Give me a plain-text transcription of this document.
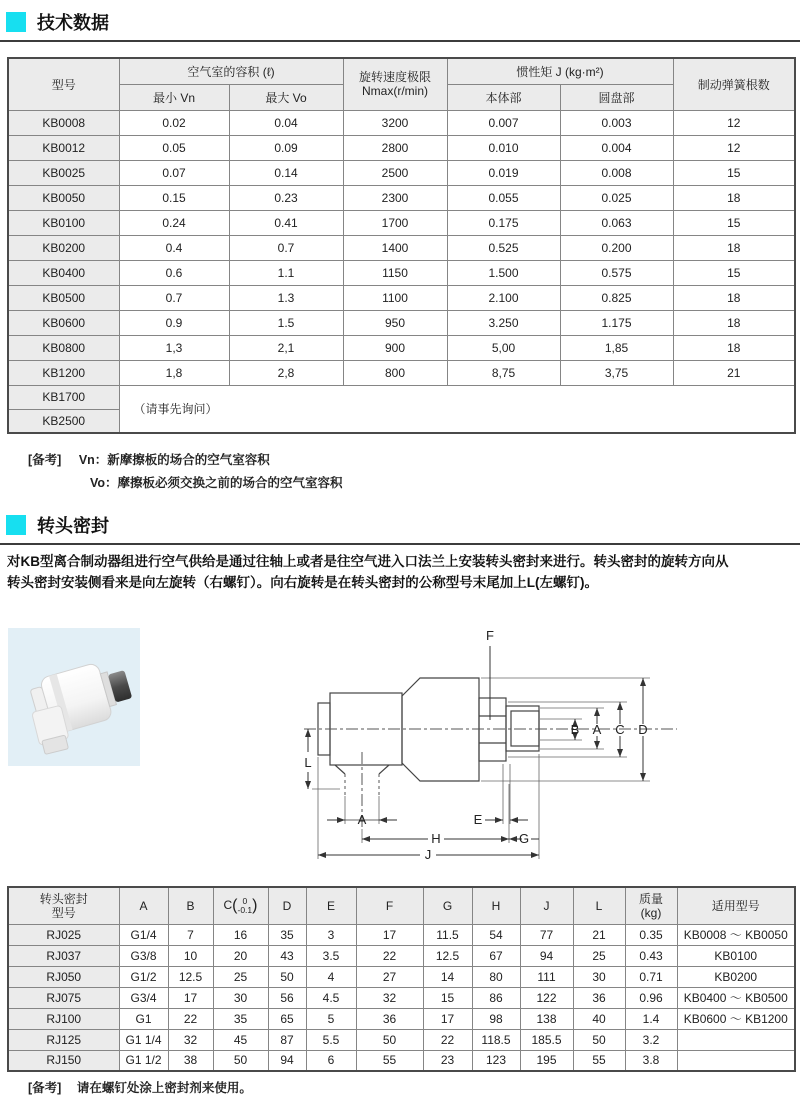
技术数据
型号	空气室的容积 (ℓ)		旋转速度极限
Nmax(r/min)	惯性矩 J (kg·m²)		制动弹簧根数
	最小 Vn	最大 Vo		本体部	圆盘部	
KB0008	0.02	0.04	3200	0.007	0.003	12
KB0012	0.05	0.09	2800	0.010	0.004	12
KB0025	0.07	0.14	2500	0.019	0.008	15
KB0050	0.15	0.23	2300	0.055	0.025	18
KB0100	0.24	0.41	1700	0.175	0.063	15
KB0200	0.4	0.7	1400	0.525	0.200	18
KB0400	0.6	1.1	1150	1.500	0.575	15
KB0500	0.7	1.3	1100	2.100	0.825	18
KB0600	0.9	1.5	950	3.250	1.175	18
KB0800	1,3	2,1	900	5,00	1,85	18
KB1200	1,8	2,8	800	8,75	3,75	21
KB1700	（请事先询问）					
KB2500						
[备考] Vn：新摩擦板的场合的空气室容积
Vo：摩擦板必须交换之前的场合的空气室容积
转头密封
对KB型离合制动器组进行空气供给是通过往轴上或者是往空气进入口法兰上安装转头密封来进行。转头密封的旋转方向从
转头密封安装侧看来是向左旋转（右螺钉）。向右旋转是在转头密封的公称型号末尾加上L(左螺钉)。
F
B A C D
L
A	E
G
H
J
转头密封
型号	A	B	C( 0
-0.1 )	D	E	F	G	H	J	L	质量
(kg)	适用型号
RJ025	G1/4	7	16	35	3	17	11.5	54	77	21	0.35	KB0008 ～ KB0050
RJ037	G3/8	10	20	43	3.5	22	12.5	67	94	25	0.43	KB0100
RJ050	G1/2	12.5	25	50	4	27	14	80	111	30	0.71	KB0200
RJ075	G3/4	17	30	56	4.5	32	15	86	122	36	0.96	KB0400 ～ KB0500
RJ100	G1	22	35	65	5	36	17	98	138	40	1.4	KB0600 ～ KB1200
RJ125	G1 1/4	32	45	87	5.5	50	22	118.5	185.5	50	3.2	
RJ150	G1 1/2	38	50	94	6	55	23	123	195	55	3.8	
[备考] 请在螺钉处涂上密封剂来使用。
